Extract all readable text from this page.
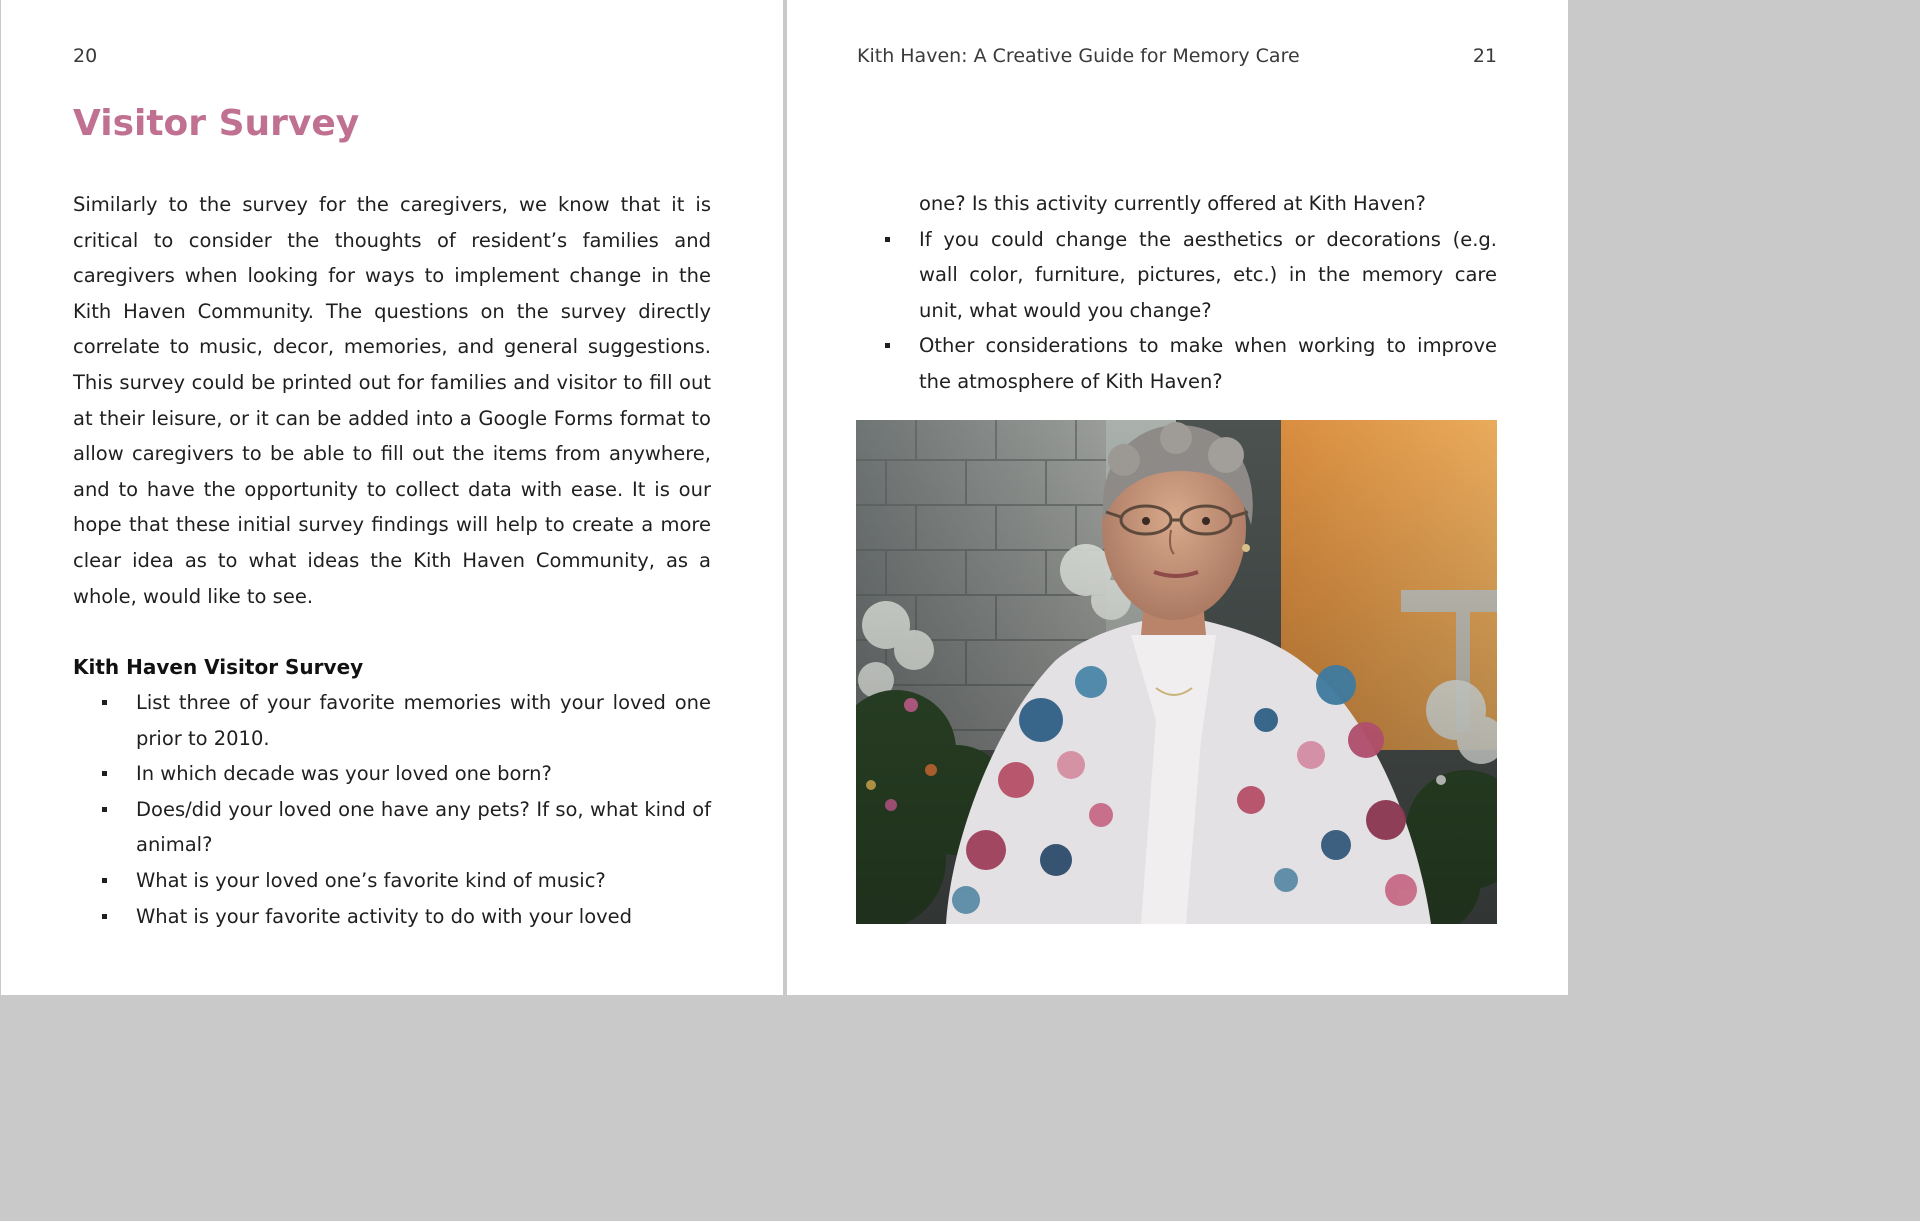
20
Visitor Survey

Similarly to the survey for the caregivers, we know that it is critical to consider the thoughts of resident’s families and caregivers when looking for ways to implement change in the Kith Haven Community. The questions on the survey directly correlate to music, decor, memories, and general suggestions. This survey could be printed out for families and visitor to fill out at their leisure, or it can be added into a Google Forms format to allow caregivers to be able to fill out the items from anywhere, and to have the opportunity to collect data with ease. It is our hope that these initial survey findings will help to create a more clear idea as to what ideas the Kith Haven Community, as a whole, would like to see.

Kith Haven Visitor Survey
List three of your favorite memories with your loved one prior to 2010.
In which decade was your loved one born?
Does/did your loved one have any pets? If so, what kind of animal?
What is your loved one’s favorite kind of music?
What is your favorite activity to do with your loved
Kith Haven: A Creative Guide for Memory Care	21
one? Is this activity currently offered at Kith Haven?
If you could change the aesthetics or decorations (e.g. wall color, furniture, pictures, etc.) in the memory care unit, what would you change?
Other considerations to make when working to improve the atmosphere of Kith Haven?
